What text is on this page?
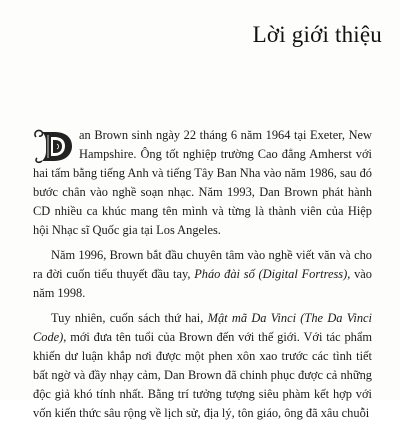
Lời giới thiệu

an Brown sinh ngày 22 tháng 6 năm 1964 tại Exeter, New Hampshire. Ông tốt nghiệp trường Cao đẳng Amherst với hai tấm bằng tiếng Anh và tiếng Tây Ban Nha vào năm 1986, sau đó bước chân vào nghề soạn nhạc. Năm 1993, Dan Brown phát hành CD nhiều ca khúc mang tên mình và từng là thành viên của Hiệp hội Nhạc sĩ Quốc gia tại Los Angeles.

Năm 1996, Brown bắt đầu chuyên tâm vào nghề viết văn và cho ra đời cuốn tiểu thuyết đầu tay, Pháo đài số (Digital Fortress), vào năm 1998.

Tuy nhiên, cuốn sách thứ hai, Mật mã Da Vinci (The Da Vinci Code), mới đưa tên tuổi của Brown đến với thế giới. Với tác phẩm khiến dư luận khắp nơi được một phen xôn xao trước các tình tiết bất ngờ và đầy nhạy cảm, Dan Brown đã chinh phục được cả những độc giả khó tính nhất. Bằng trí tưởng tượng siêu phàm kết hợp với vốn kiến thức sâu rộng về lịch sử, địa lý, tôn giáo, ông đã xâu chuỗi
